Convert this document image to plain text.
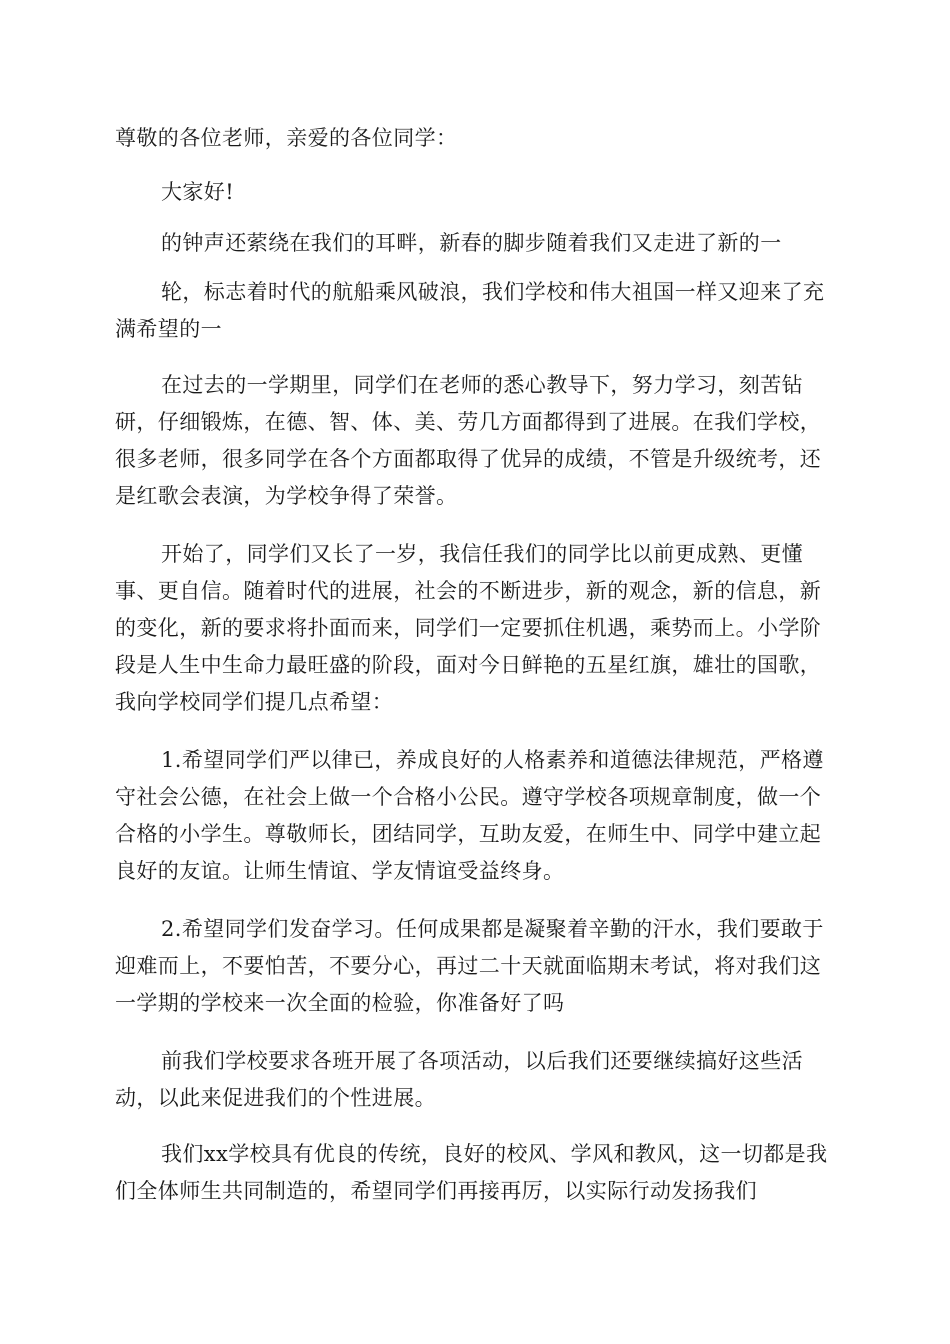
尊敬的各位老师，亲爱的各位同学：

大家好!

的钟声还萦绕在我们的耳畔，新春的脚步随着我们又走进了新的一

轮，标志着时代的航船乘风破浪，我们学校和伟大祖国一样又迎来了充满希望的一

在过去的一学期里，同学们在老师的悉心教导下，努力学习，刻苦钻研，仔细锻炼，在德、智、体、美、劳几方面都得到了进展。在我们学校，很多老师，很多同学在各个方面都取得了优异的成绩，不管是升级统考，还是红歌会表演，为学校争得了荣誉。

开始了，同学们又长了一岁，我信任我们的同学比以前更成熟、更懂事、更自信。随着时代的进展，社会的不断进步，新的观念，新的信息，新的变化，新的要求将扑面而来，同学们一定要抓住机遇，乘势而上。小学阶段是人生中生命力最旺盛的阶段，面对今日鲜艳的五星红旗，雄壮的国歌，我向学校同学们提几点希望：

1.希望同学们严以律已，养成良好的人格素养和道德法律规范，严格遵守社会公德，在社会上做一个合格小公民。遵守学校各项规章制度，做一个合格的小学生。尊敬师长，团结同学，互助友爱，在师生中、同学中建立起良好的友谊。让师生情谊、学友情谊受益终身。

2.希望同学们发奋学习。任何成果都是凝聚着辛勤的汗水，我们要敢于迎难而上，不要怕苦，不要分心，再过二十天就面临期末考试，将对我们这一学期的学校来一次全面的检验，你准备好了吗

前我们学校要求各班开展了各项活动，以后我们还要继续搞好这些活动，以此来促进我们的个性进展。

我们xx学校具有优良的传统，良好的校风、学风和教风，这一切都是我们全体师生共同制造的，希望同学们再接再厉，以实际行动发扬我们
